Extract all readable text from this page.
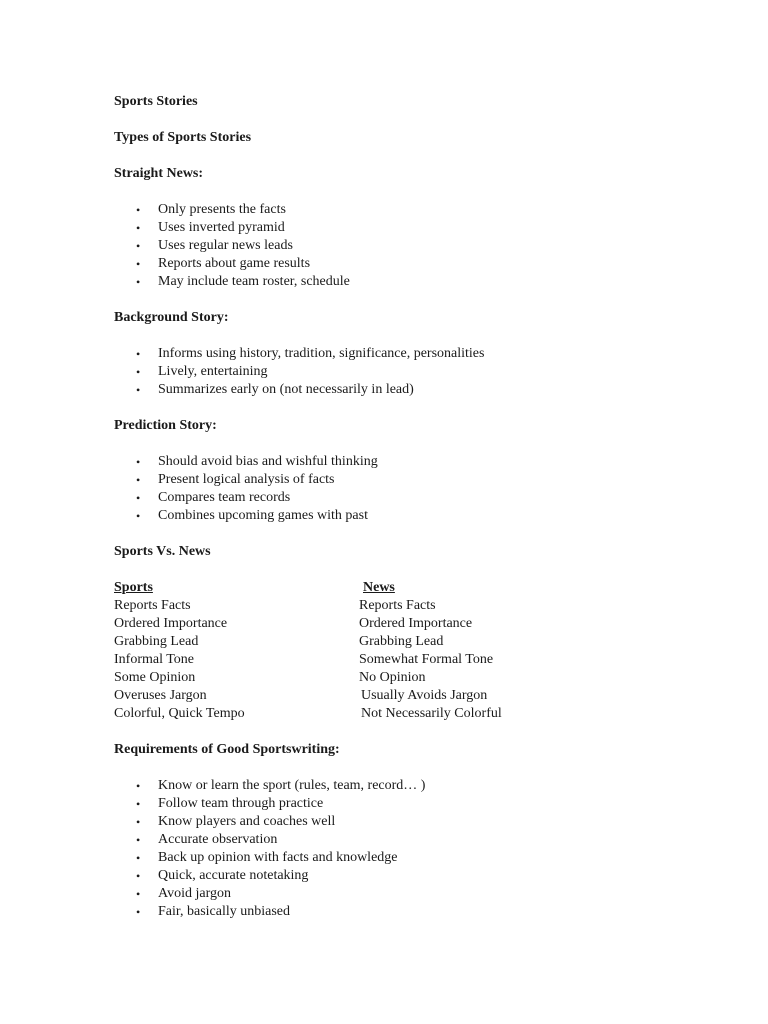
Sports Stories
Types of Sports Stories
Straight News:
• Only presents the facts
• Uses inverted pyramid
• Uses regular news leads
• Reports about game results
• May include team roster, schedule
Background Story:
• Informs using history, tradition, significance, personalities
• Lively, entertaining
• Summarizes early on (not necessarily in lead)
Prediction Story:
• Should avoid bias and wishful thinking
• Present logical analysis of facts
• Compares team records
• Combines upcoming games with past
Sports Vs. News
Sports	News
Reports Facts	Reports Facts
Ordered Importance	Ordered Importance
Grabbing Lead	Grabbing Lead
Informal Tone	Somewhat Formal Tone
Some Opinion	No Opinion
Overuses Jargon	Usually Avoids Jargon
Colorful, Quick Tempo	Not Necessarily Colorful
Requirements of Good Sportswriting:
• Know or learn the sport (rules, team, record… )
• Follow team through practice
• Know players and coaches well
• Accurate observation
• Back up opinion with facts and knowledge
• Quick, accurate notetaking
• Avoid jargon
• Fair, basically unbiased
